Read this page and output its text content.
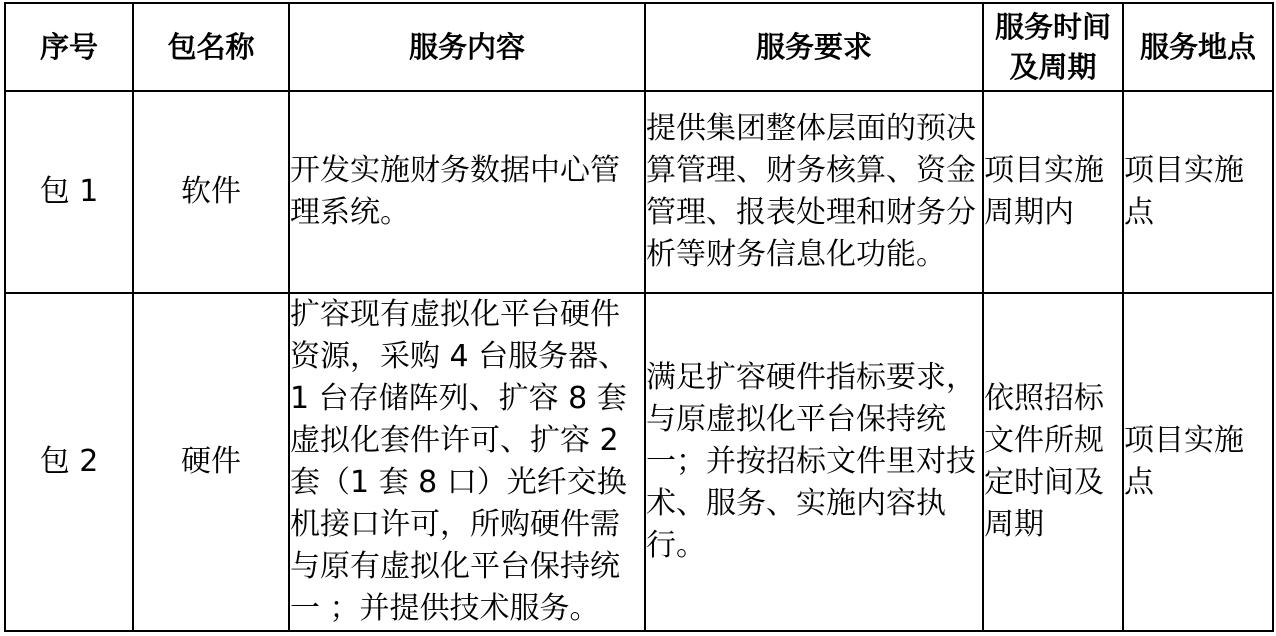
序号	包名称	服务内容	服务要求	服务时间及周期	服务地点
包 1	软件	开发实施财务数据中心管理系统。	提供集团整体层面的预决算管理、财务核算、资金管理、报表处理和财务分析等财务信息化功能。	项目实施周期内	项目实施点
包 2	硬件	扩容现有虚拟化平台硬件资源，采购 4 台服务器、1 台存储阵列、扩容 8 套虚拟化套件许可、扩容 2 套（1 套 8 口）光纤交换机接口许可，所购硬件需与原有虚拟化平台保持统一 ；并提供技术服务。	满足扩容硬件指标要求，与原虚拟化平台保持统一；并按招标文件里对技术、服务、实施内容执行。	依照招标文件所规定时间及周期	项目实施点
